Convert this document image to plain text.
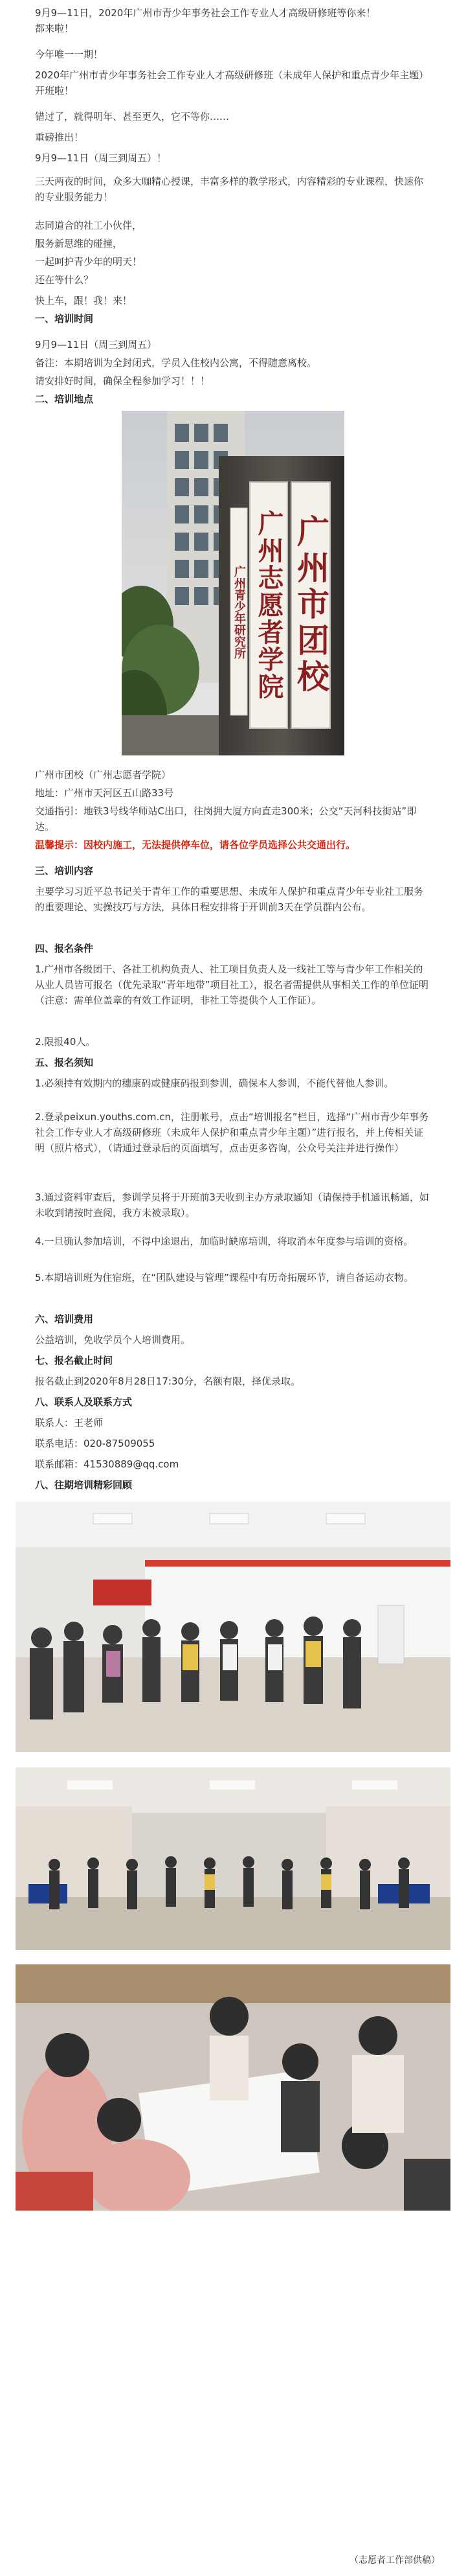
9月9—11日，2020年广州市青少年事务社会工作专业人才高级研修班等你来！

都来啦！

今年唯一一期！

2020年广州市青少年事务社会工作专业人才高级研修班（未成年人保护和重点青少年主题）开班啦！

错过了，就得明年、甚至更久，它不等你……

重磅推出！

9月9—11日（周三到周五）！

三天两夜的时间，众多大咖精心授课，丰富多样的教学形式，内容精彩的专业课程，快速你的专业服务能力！

志同道合的社工小伙伴，

服务新思维的碰撞，

一起呵护青少年的明天！

还在等什么？

快上车，跟！我！来！

一、培训时间

9月9—11日（周三到周五）

备注：本期培训为全封闭式，学员入住校内公寓，不得随意离校。

请安排好时间，确保全程参加学习！！！

二、培训地点

广州市团校
广州志愿者学院
广州青少年研究所

广州市团校（广州志愿者学院）

地址：广州市天河区五山路33号

交通指引：地铁3号线华师站C出口，往岗拥大厦方向直走300米；公交“天河科技街站”即达。

温馨提示：因校内施工，无法提供停车位，请各位学员选择公共交通出行。

三、培训内容

主要学习习近平总书记关于青年工作的重要思想、未成年人保护和重点青少年专业社工服务的重要理论、实操技巧与方法，具体日程安排将于开训前3天在学员群内公布。

四、报名条件

1.广州市各级团干、各社工机构负责人、社工项目负责人及一线社工等与青少年工作相关的从业人员皆可报名（优先录取“青年地带”项目社工），报名者需提供从事相关工作的单位证明（注意：需单位盖章的有效工作证明，非社工等提供个人工作证）。

2.限报40人。

五、报名须知

1.必须持有效期内的穗康码或健康码报到参训，确保本人参训，不能代替他人参训。

2.登录peixun.youths.com.cn，注册帐号，点击“培训报名”栏目，选择“广州市青少年事务社会工作专业人才高级研修班（未成年人保护和重点青少年主题）”进行报名，并上传相关证明（照片格式），（请通过登录后的页面填写，点击更多咨询，公众号关注并进行操作）

3.通过资料审查后，参训学员将于开班前3天收到主办方录取通知（请保持手机通讯畅通，如未收到请按时查阅，我方未被录取）。

4.一旦确认参加培训，不得中途退出，加临时缺席培训，将取消本年度参与培训的资格。

5.本期培训班为住宿班，在“团队建设与管理”课程中有历奇拓展环节，请自备运动衣物。

六、培训费用

公益培训，免收学员个人培训费用。

七、报名截止时间

报名截止到2020年8月28日17:30分，名额有限，择优录取。

八、联系人及联系方式

联系人：王老师

联系电话：020-87509055

联系邮箱：41530889@qq.com

八、往期培训精彩回顾

（志愿者工作部供稿）
